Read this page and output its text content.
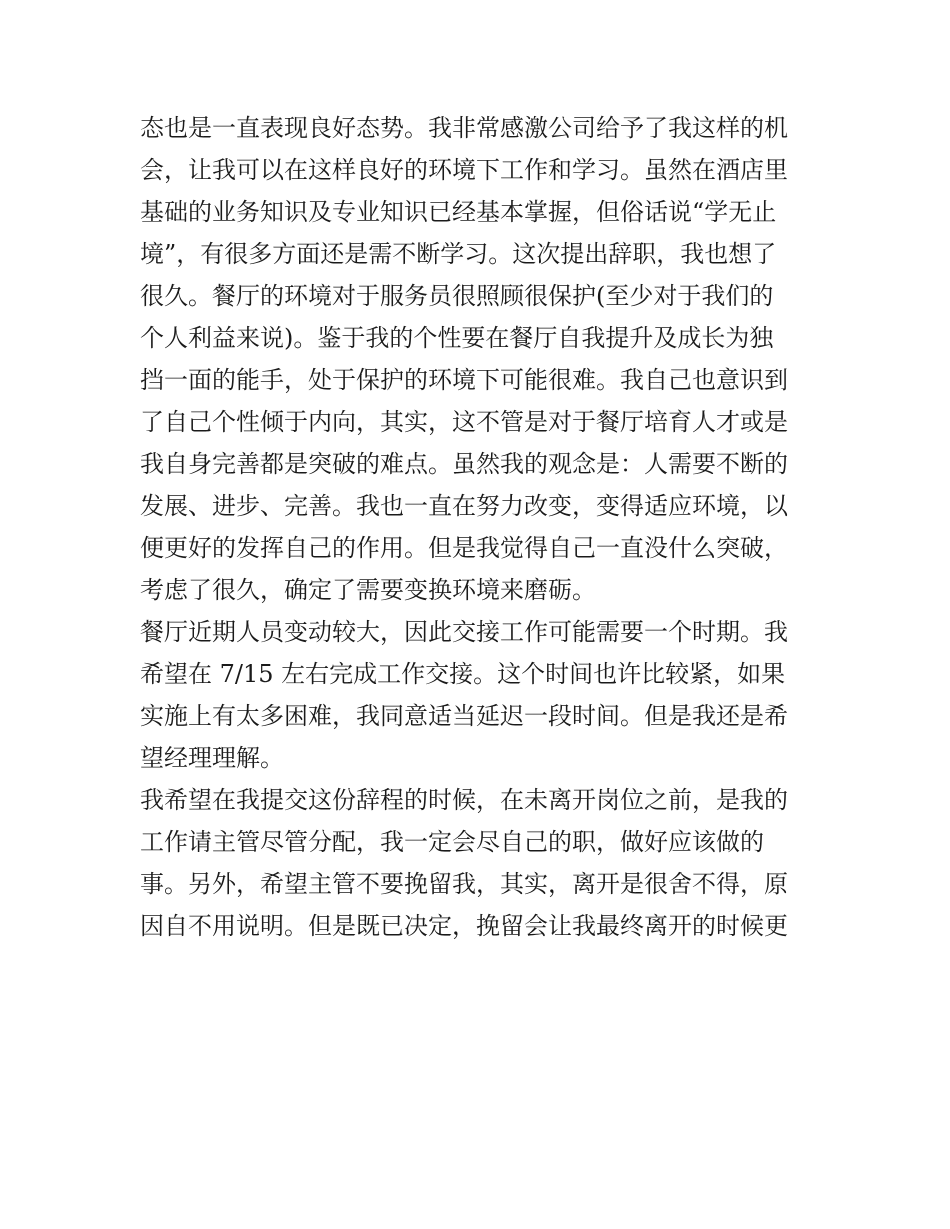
态也是一直表现良好态势。我非常感激公司给予了我这样的机
会，让我可以在这样良好的环境下工作和学习。虽然在酒店里
基础的业务知识及专业知识已经基本掌握，但俗话说“学无止
境”，有很多方面还是需不断学习。这次提出辞职，我也想了
很久。餐厅的环境对于服务员很照顾很保护(至少对于我们的
个人利益来说)。鉴于我的个性要在餐厅自我提升及成长为独
挡一面的能手，处于保护的环境下可能很难。我自己也意识到
了自己个性倾于内向，其实，这不管是对于餐厅培育人才或是
我自身完善都是突破的难点。虽然我的观念是：人需要不断的
发展、进步、完善。我也一直在努力改变，变得适应环境，以
便更好的发挥自己的作用。但是我觉得自己一直没什么突破，
考虑了很久，确定了需要变换环境来磨砺。
餐厅近期人员变动较大，因此交接工作可能需要一个时期。我
希望在 7/15 左右完成工作交接。这个时间也许比较紧，如果
实施上有太多困难，我同意适当延迟一段时间。但是我还是希
望经理理解。
我希望在我提交这份辞程的时候，在未离开岗位之前，是我的
工作请主管尽管分配，我一定会尽自己的职，做好应该做的
事。另外，希望主管不要挽留我，其实，离开是很舍不得，原
因自不用说明。但是既已决定，挽留会让我最终离开的时候更
